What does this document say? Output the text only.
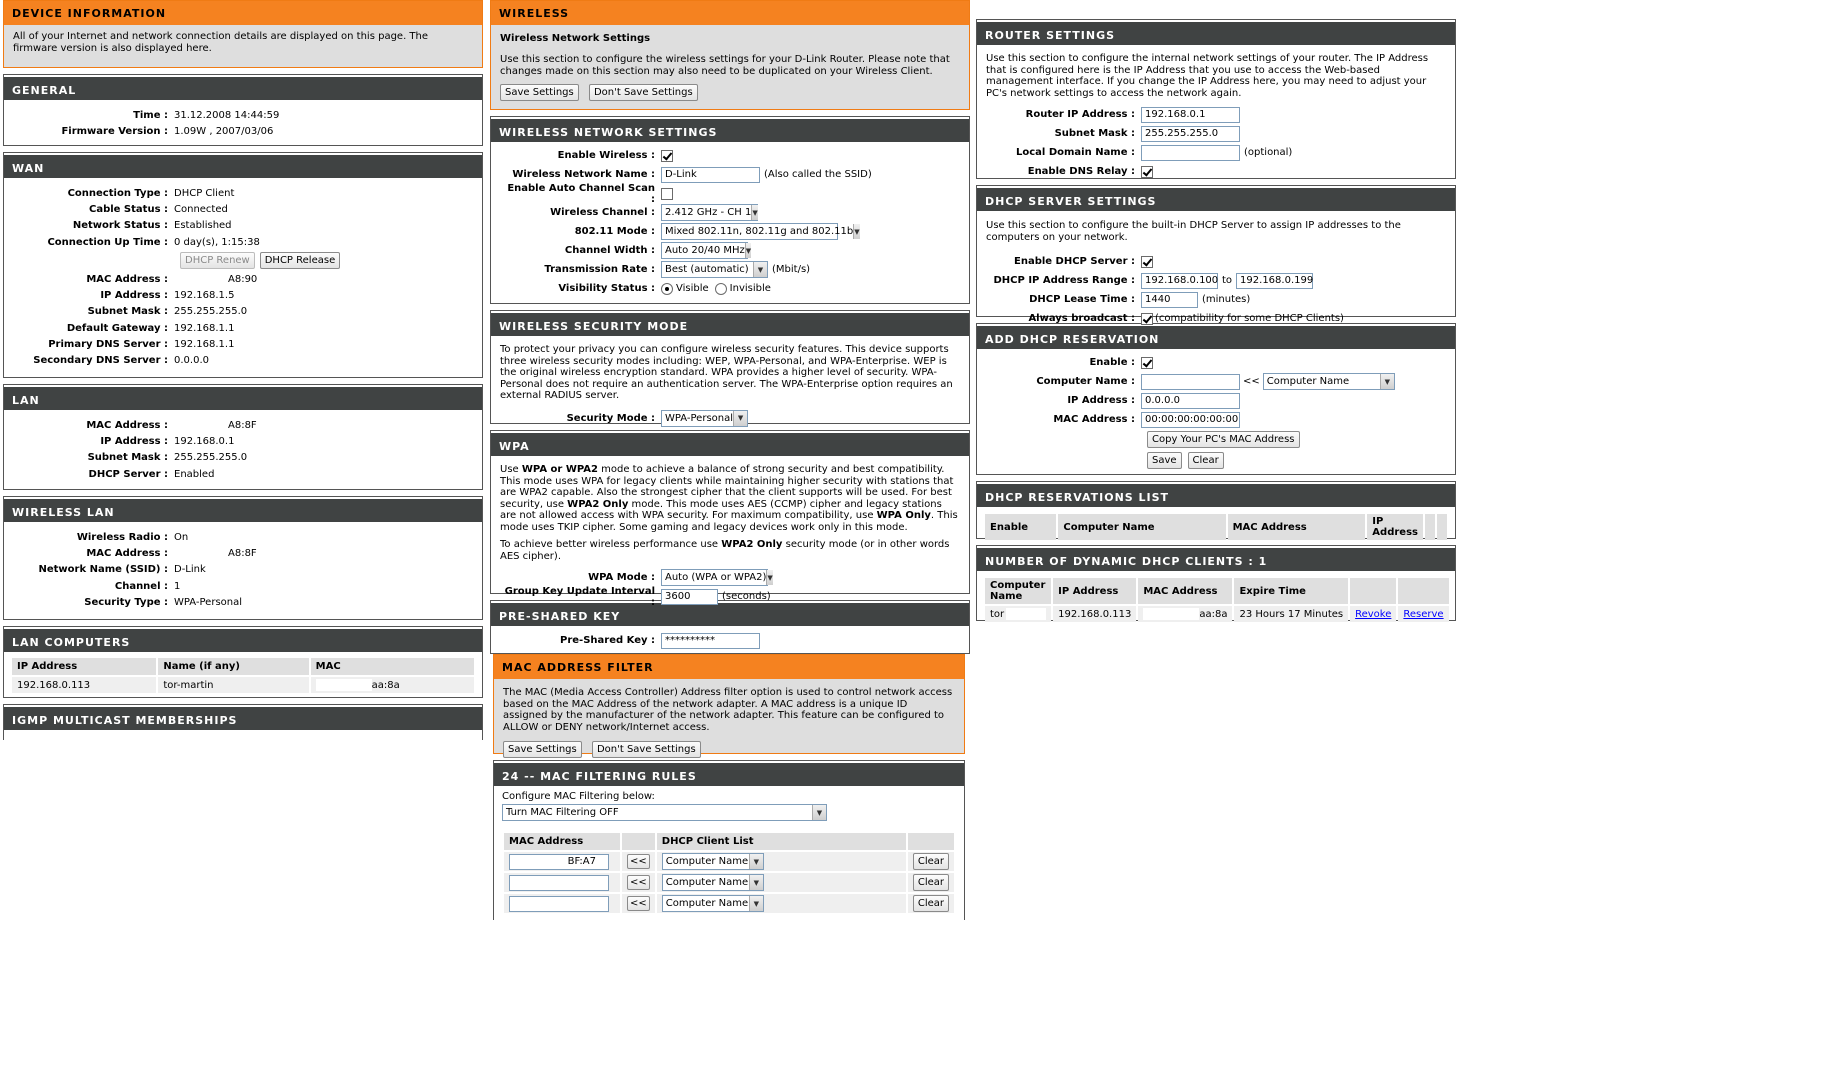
DEVICE INFORMATION
All of your Internet and network connection details are displayed on this page. The firmware version is also displayed here.
GENERAL
Time : 31.12.2008 14:44:59
Firmware Version : 1.09W , 2007/03/06
WAN
Connection Type : DHCP Client
Cable Status : Connected
Network Status : Established
Connection Up Time : 0 day(s), 1:15:38
DHCP Renew	DHCP Release
MAC Address :	A8:90
IP Address : 192.168.1.5
Subnet Mask : 255.255.255.0
Default Gateway : 192.168.1.1
Primary DNS Server : 192.168.1.1
Secondary DNS Server : 0.0.0.0
LAN
MAC Address :	A8:8F
IP Address : 192.168.0.1
Subnet Mask : 255.255.255.0
DHCP Server : Enabled
WIRELESS LAN
Wireless Radio : On
MAC Address :	A8:8F
Network Name (SSID) : D-Link
Channel : 1
Security Type : WPA-Personal
LAN COMPUTERS
IP Address	Name (if any)	MAC
192.168.0.113	tor-martin	aa:8a
IGMP MULTICAST MEMBERSHIPS
WIRELESS
Wireless Network Settings
Use this section to configure the wireless settings for your D-Link Router. Please note that changes made on this section may also need to be duplicated on your Wireless Client.
Save Settings Don't Save Settings
WIRELESS NETWORK SETTINGS
Enable Wireless :
Wireless Network Name :	D-Link	(Also called the SSID)
Enable Auto Channel Scan :
Wireless Channel :	2.412 GHz - CH 1 ▼
802.11 Mode :	Mixed 802.11n, 802.11g and 802.11b ▼
Channel Width :	Auto 20/40 MHz ▼
Transmission Rate :	Best (automatic)	▼ (Mbit/s)
Visibility Status :	Visible Invisible
WIRELESS SECURITY MODE
To protect your privacy you can configure wireless security features. This device supports three wireless security modes including: WEP, WPA-Personal, and WPA-Enterprise. WEP is the original wireless encryption standard. WPA provides a higher level of security. WPA-Personal does not require an authentication server. The WPA-Enterprise option requires an external RADIUS server.
Security Mode :	WPA-Personal ▼
WPA
Use WPA or WPA2 mode to achieve a balance of strong security and best compatibility. This mode uses WPA for legacy clients while maintaining higher security with stations that are WPA2 capable. Also the strongest cipher that the client supports will be used. For best security, use WPA2 Only mode. This mode uses AES (CCMP) cipher and legacy stations are not allowed access with WPA security. For maximum compatibility, use WPA Only. This mode uses TKIP cipher. Some gaming and legacy devices work only in this mode.
To achieve better wireless performance use WPA2 Only security mode (or in other words AES cipher).
WPA Mode :	Auto (WPA or WPA2) ▼
Group Key Update Interval :
3600	(seconds)
PRE-SHARED KEY
Pre-Shared Key :	**********
MAC ADDRESS FILTER
The MAC (Media Access Controller) Address filter option is used to control network access based on the MAC Address of the network adapter. A MAC address is a unique ID assigned by the manufacturer of the network adapter. This feature can be configured to ALLOW or DENY network/Internet access.
Save Settings Don't Save Settings
24 -- MAC FILTERING RULES
Configure MAC Filtering below:
Turn MAC Filtering OFF	▼
MAC Address		DHCP Client List	
BF:A7	<<	Computer Name ▼	Clear
	<<	Computer Name ▼	Clear
	<<	Computer Name ▼	Clear
ROUTER SETTINGS
Use this section to configure the internal network settings of your router. The IP Address that is configured here is the IP Address that you use to access the Web-based management interface. If you change the IP Address here, you may need to adjust your PC's network settings to access the network again.
Router IP Address :	192.168.0.1
Subnet Mask :	255.255.255.0
Local Domain Name :	(optional)
Enable DNS Relay :
DHCP SERVER SETTINGS
Use this section to configure the built-in DHCP Server to assign IP addresses to the computers on your network.
Enable DHCP Server :
DHCP IP Address Range :	192.168.0.100 to 192.168.0.199
DHCP Lease Time :	1440	(minutes)
Always broadcast :	(compatibility for some DHCP Clients)
ADD DHCP RESERVATION
Enable :
Computer Name :	<< Computer Name	▼
IP Address :	0.0.0.0
MAC Address :	00:00:00:00:00:00
Copy Your PC's MAC Address
Save	Clear
DHCP RESERVATIONS LIST
Enable	Computer Name	MAC Address	IP Address		
NUMBER OF DYNAMIC DHCP CLIENTS : 1
Computer Name	IP Address	MAC Address	Expire Time		
tor	192.168.0.113	aa:8a	23 Hours 17 Minutes	Revoke	Reserve
